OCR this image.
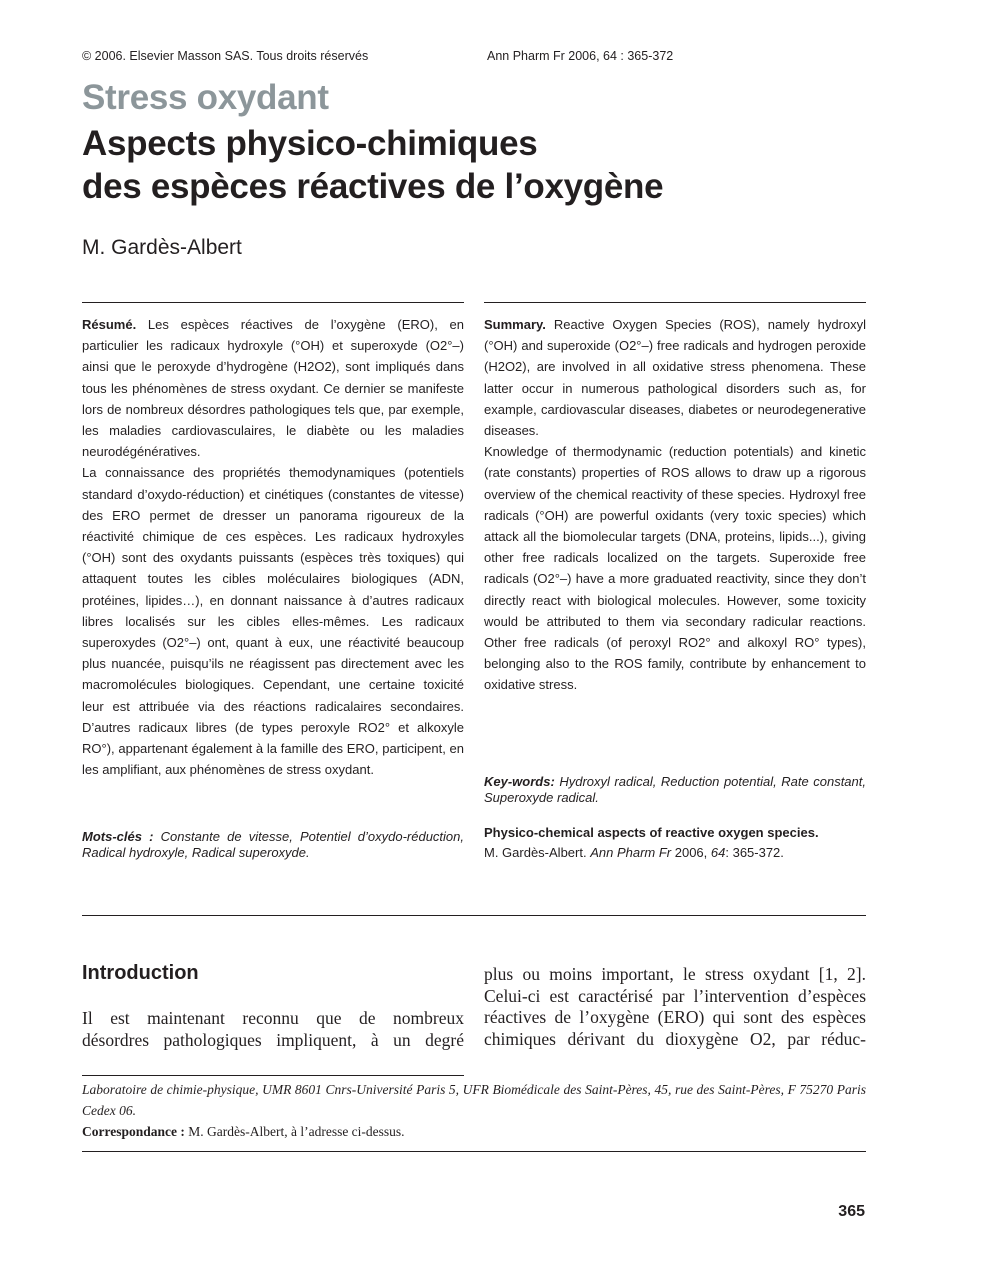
© 2006. Elsevier Masson SAS. Tous droits réservés	Ann Pharm Fr 2006, 64 : 365-372
Stress oxydant
Aspects physico-chimiques
des espèces réactives de l’oxygène
M. Gardès-Albert

Résumé. Les espèces réactives de l’oxygène (ERO), en particulier les radicaux hydroxyle (°OH) et superoxyde (O2°–) ainsi que le peroxyde d’hydrogène (H2O2), sont impliqués dans tous les phénomènes de stress oxydant. Ce dernier se manifeste lors de nombreux désordres pathologiques tels que, par exemple, les maladies cardiovasculaires, le diabète ou les maladies neurodégénératives.

La connaissance des propriétés themodynamiques (potentiels standard d’oxydo-réduction) et cinétiques (constantes de vitesse) des ERO permet de dresser un panorama rigoureux de la réactivité chimique de ces espèces. Les radicaux hydroxyles (°OH) sont des oxydants puissants (espèces très toxiques) qui attaquent toutes les cibles moléculaires biologiques (ADN, protéines, lipides…), en donnant naissance à d’autres radicaux libres localisés sur les cibles elles-mêmes. Les radicaux superoxydes (O2°–) ont, quant à eux, une réactivité beaucoup plus nuancée, puisqu’ils ne réagissent pas directement avec les macromolécules biologiques. Cependant, une certaine toxicité leur est attribuée via des réactions radicalaires secondaires. D’autres radicaux libres (de types peroxyle RO2° et alkoxyle RO°), appartenant également à la famille des ERO, participent, en les amplifiant, aux phénomènes de stress oxydant.

Mots-clés : Constante de vitesse, Potentiel d’oxydo-réduction, Radical hydroxyle, Radical superoxyde.

Summary. Reactive Oxygen Species (ROS), namely hydroxyl (°OH) and superoxide (O2°–) free radicals and hydrogen peroxide (H2O2), are involved in all oxidative stress phenomena. These latter occur in numerous pathological disorders such as, for example, cardiovascular diseases, diabetes or neurodegenerative diseases.

Knowledge of thermodynamic (reduction potentials) and kinetic (rate constants) properties of ROS allows to draw up a rigorous overview of the chemical reactivity of these species. Hydroxyl free radicals (°OH) are powerful oxidants (very toxic species) which attack all the biomolecular targets (DNA, proteins, lipids...), giving other free radicals localized on the targets. Superoxide free radicals (O2°–) have a more graduated reactivity, since they don’t directly react with biological molecules. However, some toxicity would be attributed to them via secondary radicular reactions. Other free radicals (of peroxyl RO2° and alkoxyl RO° types), belonging also to the ROS family, contribute by enhancement to oxidative stress.

Key-words: Hydroxyl radical, Reduction potential, Rate constant, Superoxyde radical.
Physico-chemical aspects of reactive oxygen species.
M. Gardès-Albert. Ann Pharm Fr 2006, 64: 365-372.
Introduction
Il est maintenant reconnu que de nombreux
désordres pathologiques impliquent, à un degré
plus ou moins important, le stress oxydant [1, 2].
Celui-ci est caractérisé par l’intervention d’espèces
réactives de l’oxygène (ERO) qui sont des espèces
chimiques dérivant du dioxygène O2, par réduc-
Laboratoire de chimie-physique, UMR 8601 Cnrs-Université Paris 5, UFR Biomédicale des Saint-Pères, 45, rue des Saint-Pères, F 75270 Paris Cedex 06.
Correspondance : M. Gardès-Albert, à l’adresse ci-dessus.
365
